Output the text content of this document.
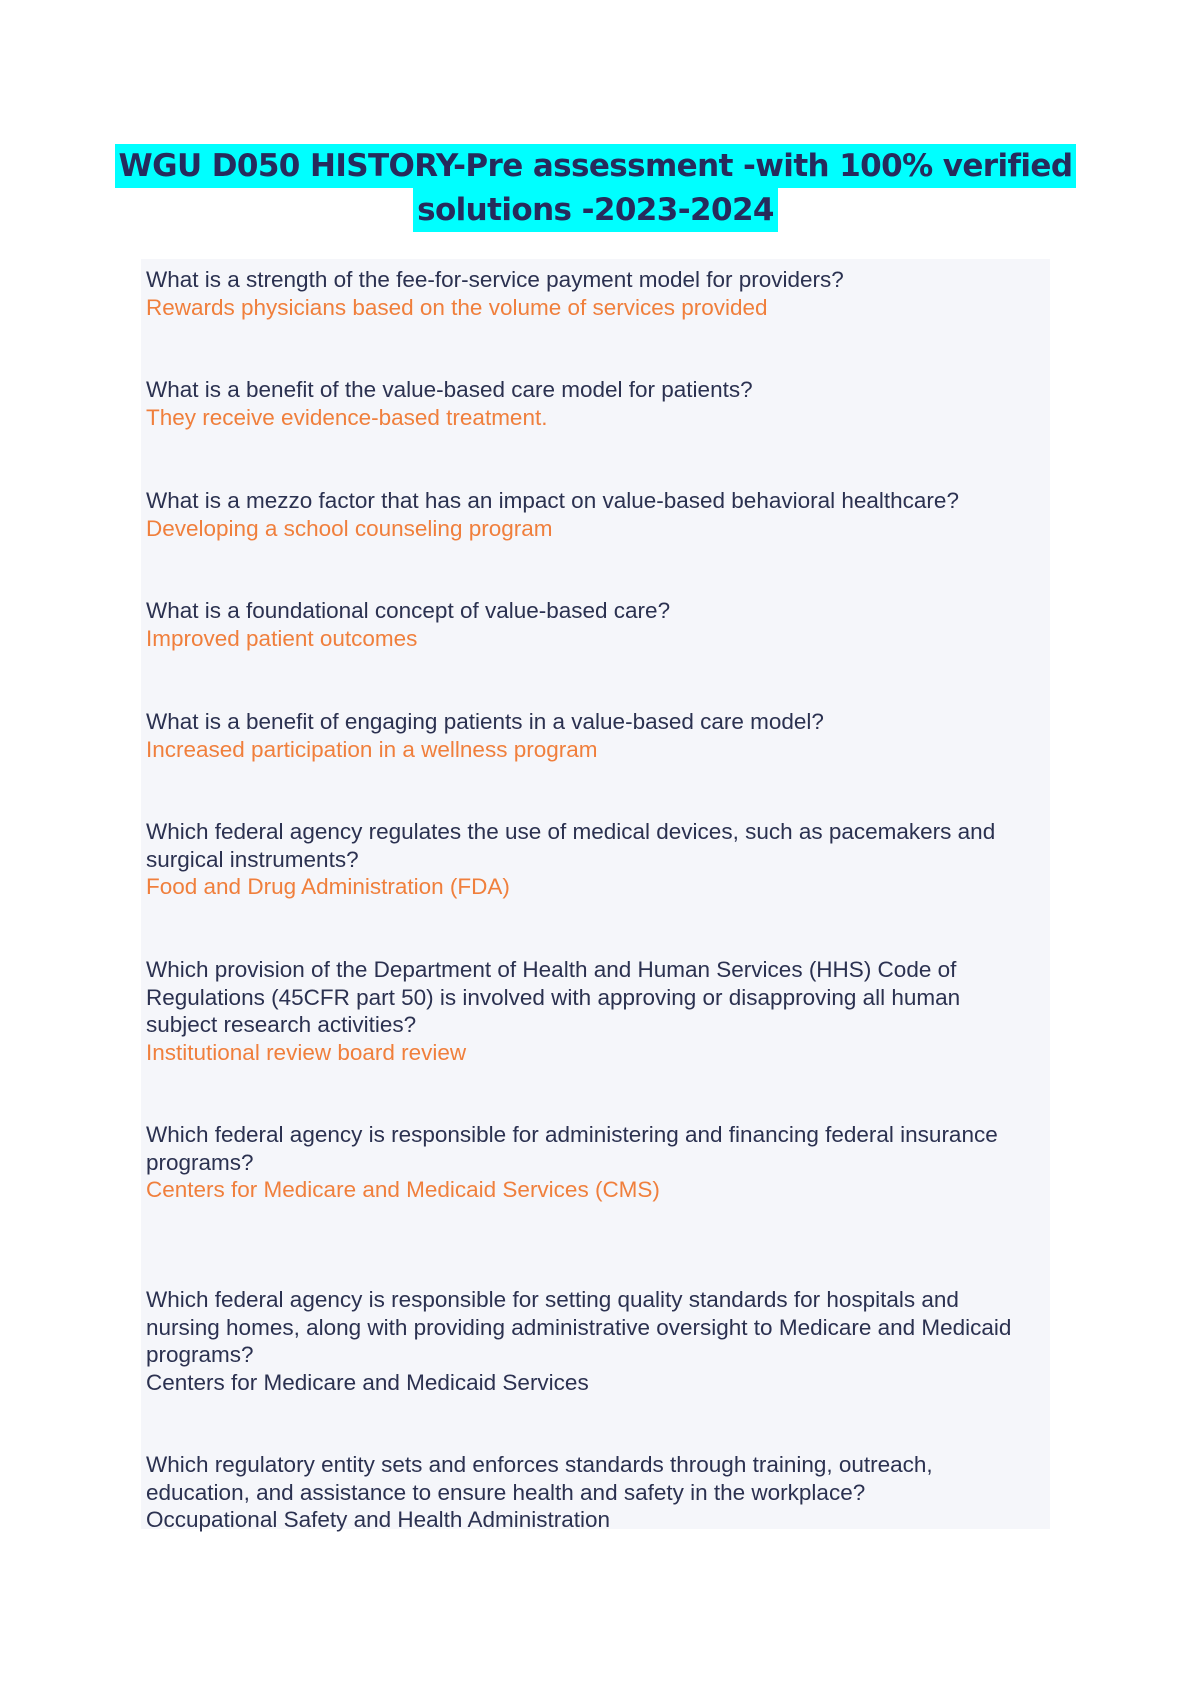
WGU D050 HISTORY-Pre assessment -with 100% verified
solutions -2023-2024
What is a strength of the fee-for-service payment model for providers?
Rewards physicians based on the volume of services provided
What is a benefit of the value-based care model for patients?
They receive evidence-based treatment.
What is a mezzo factor that has an impact on value-based behavioral healthcare?
Developing a school counseling program
What is a foundational concept of value-based care?
Improved patient outcomes
What is a benefit of engaging patients in a value-based care model?
Increased participation in a wellness program
Which federal agency regulates the use of medical devices, such as pacemakers and surgical instruments?
Food and Drug Administration (FDA)
Which provision of the Department of Health and Human Services (HHS) Code of Regulations (45CFR part 50) is involved with approving or disapproving all human subject research activities?
Institutional review board review
Which federal agency is responsible for administering and financing federal insurance programs?
Centers for Medicare and Medicaid Services (CMS)
Which federal agency is responsible for setting quality standards for hospitals and nursing homes, along with providing administrative oversight to Medicare and Medicaid programs?
Centers for Medicare and Medicaid Services
Which regulatory entity sets and enforces standards through training, outreach, education, and assistance to ensure health and safety in the workplace?
Occupational Safety and Health Administration
